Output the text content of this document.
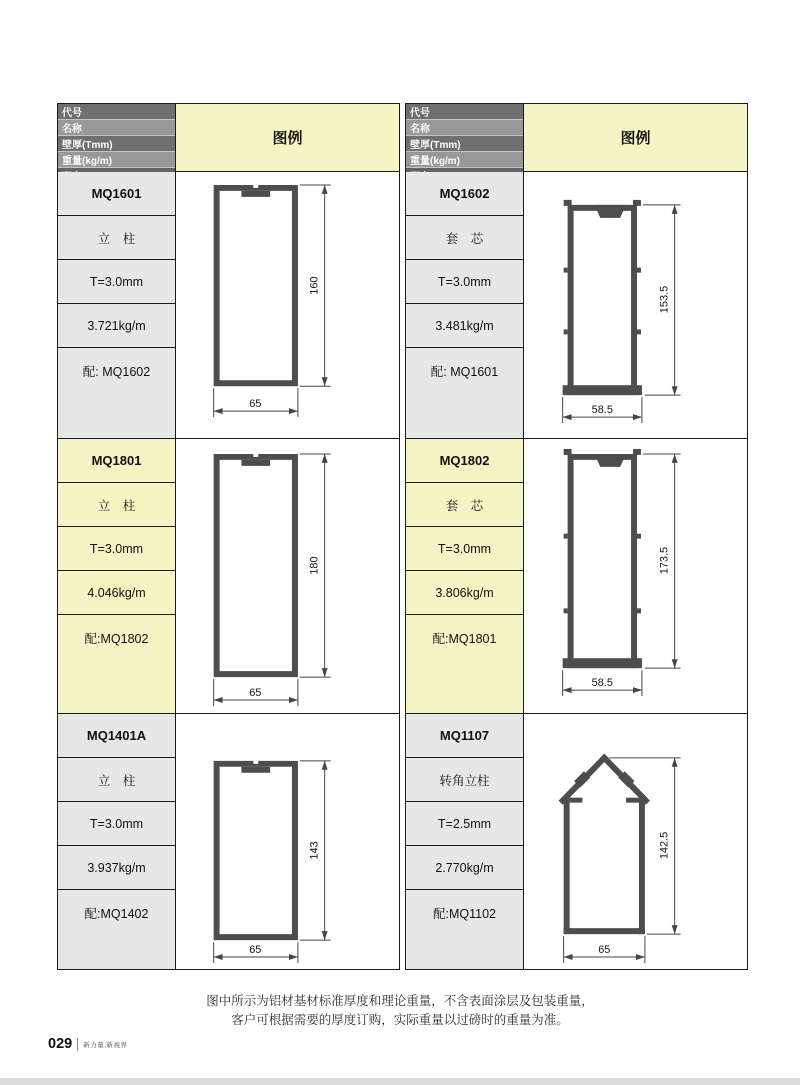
代号
名称
壁厚(Tmm)
重量(kg/m)
图例
MQ1601
立　柱
T=3.0mm
3.721kg/m
配: MQ1602
160
65
MQ1801
立　柱
T=3.0mm
4.046kg/m
配:MQ1802
180
65
MQ1401A
立　柱
T=3.0mm
3.937kg/m
配:MQ1402
143
65
代号
名称
壁厚(Tmm)
重量(kg/m)
图例
MQ1602
套　芯
T=3.0mm
3.481kg/m
配: MQ1601
153.5
58.5
MQ1802
套　芯
T=3.0mm
3.806kg/m
配:MQ1801
173.5
58.5
MQ1107
转角立柱
T=2.5mm
2.770kg/m
配:MQ1102
142.5
65

图中所示为铝材基材标准厚度和理论重量，不含表面涂层及包装重量，

客户可根据需要的厚度订购，实际重量以过磅时的重量为准。

029 新力量,新视界
